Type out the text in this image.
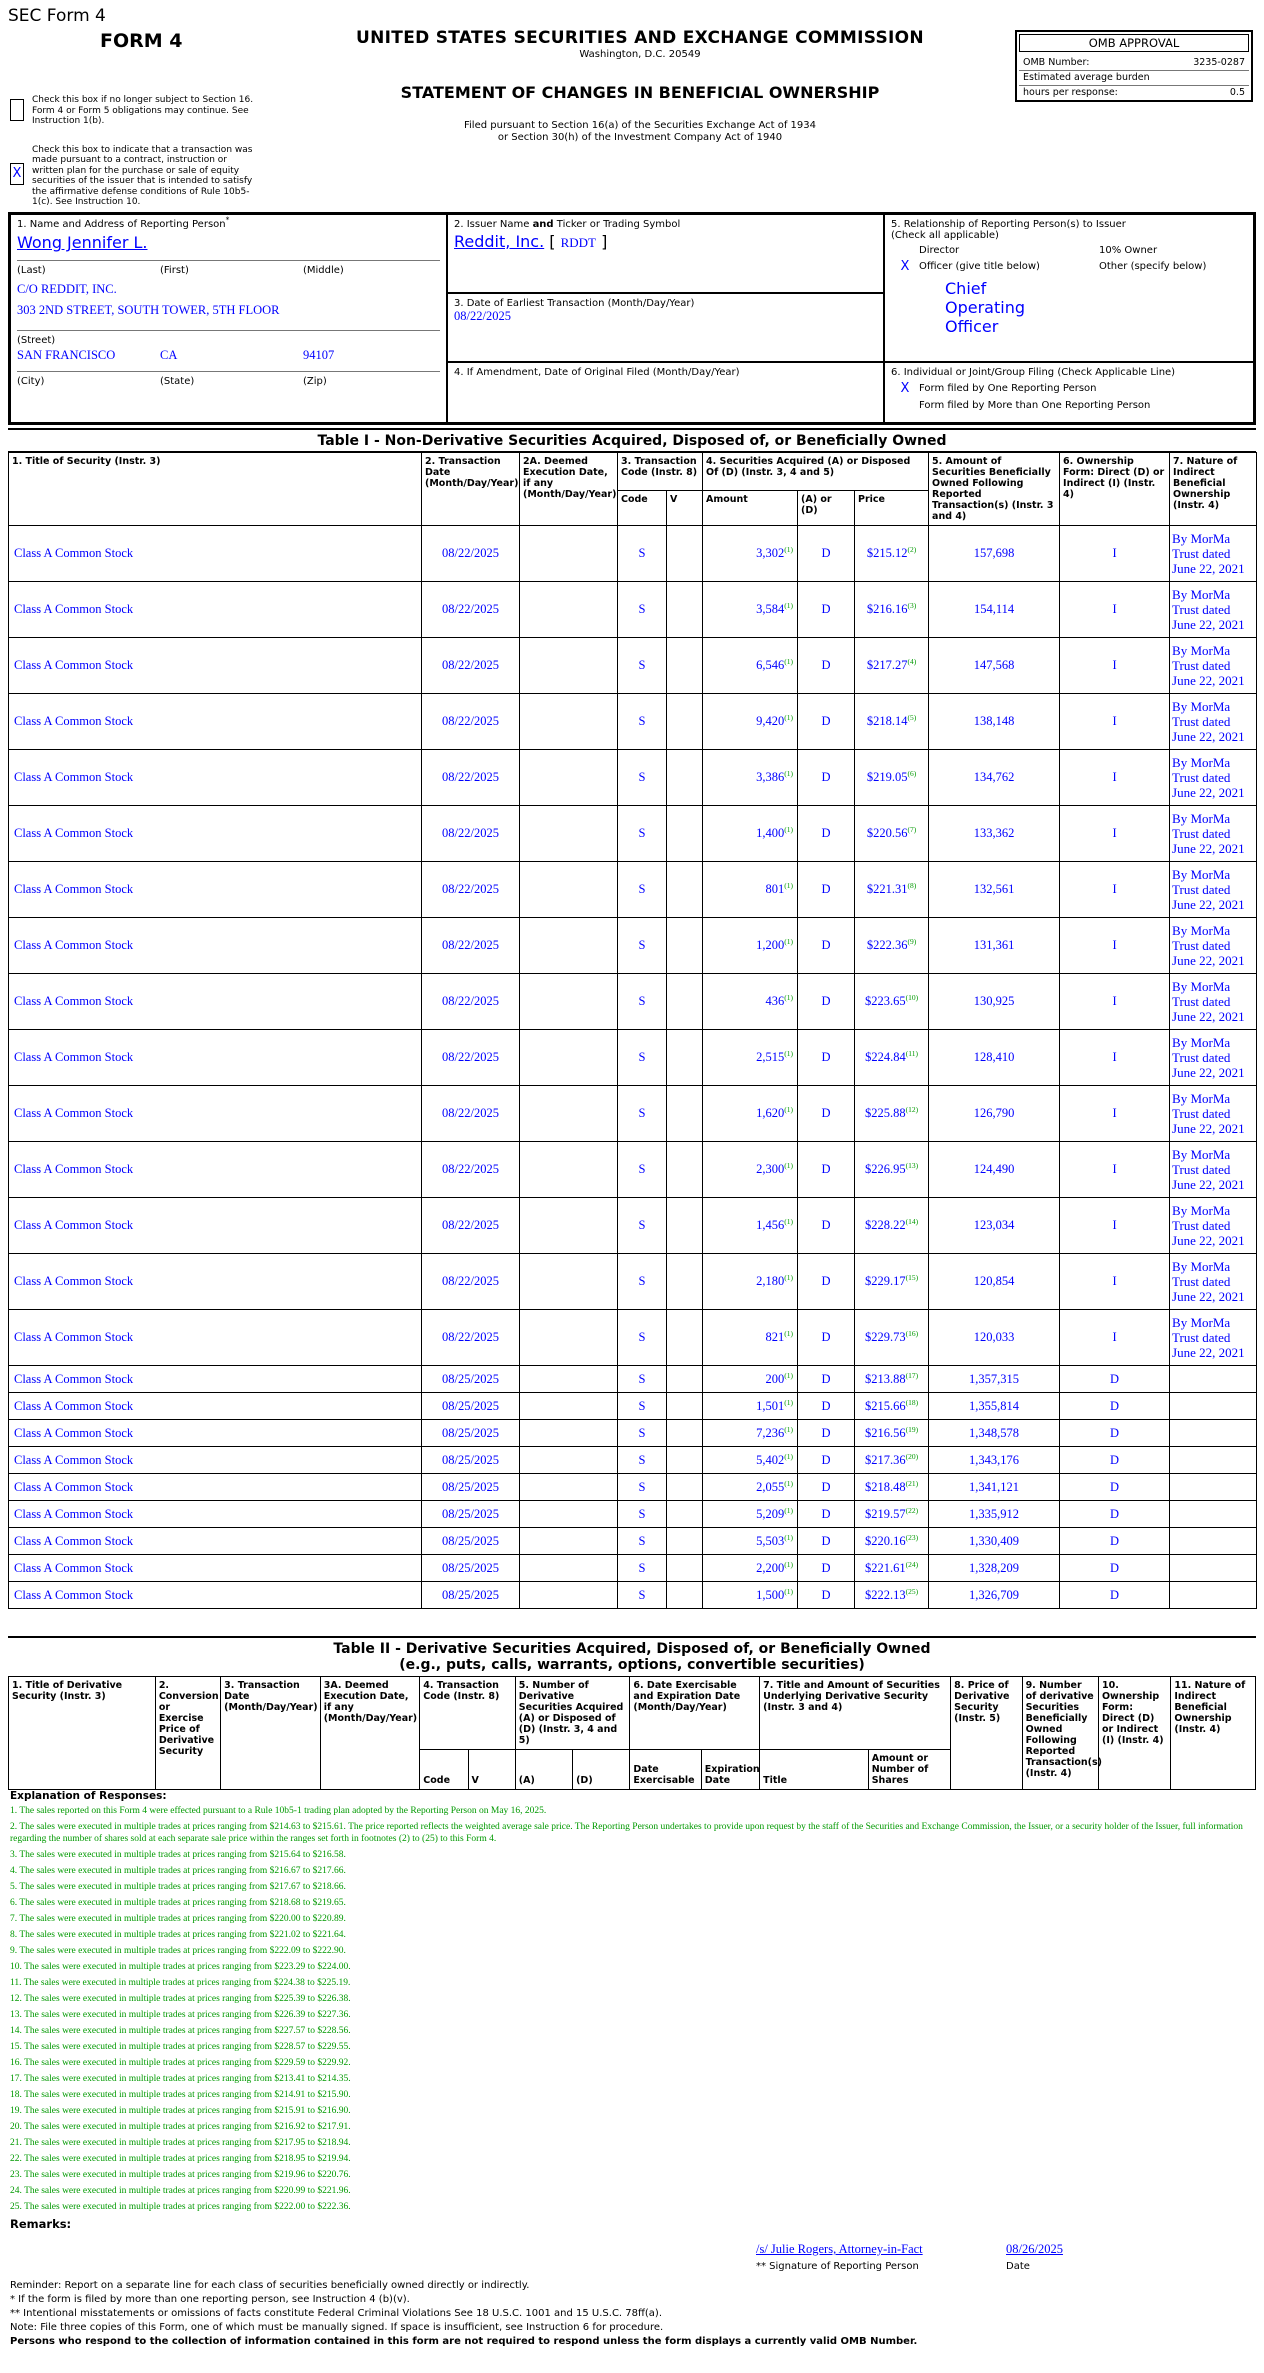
SEC Form 4
FORM 4
Check this box if no longer subject to Section 16. Form 4 or Form 5 obligations may continue. See Instruction 1(b).
X
Check this box to indicate that a transaction was made pursuant to a contract, instruction or written plan for the purchase or sale of equity securities of the issuer that is intended to satisfy the affirmative defense conditions of Rule 10b5-1(c). See Instruction 10.
UNITED STATES SECURITIES AND EXCHANGE COMMISSION
Washington, D.C. 20549
STATEMENT OF CHANGES IN BENEFICIAL OWNERSHIP
Filed pursuant to Section 16(a) of the Securities Exchange Act of 1934
or Section 30(h) of the Investment Company Act of 1940
OMB APPROVAL
OMB Number:	3235-0287
Estimated average burden
hours per response:	0.5
1. Name and Address of Reporting Person*
Wong Jennifer L.
(Last)	(First)	(Middle)
C/O REDDIT, INC.
303 2ND STREET, SOUTH TOWER, 5TH FLOOR
(Street)
SAN FRANCISCO	CA	94107
(City)	(State)	(Zip)
2. Issuer Name and Ticker or Trading Symbol
Reddit, Inc. [ RDDT ]
3. Date of Earliest Transaction (Month/Day/Year)
08/22/2025
4. If Amendment, Date of Original Filed (Month/Day/Year)
5. Relationship of Reporting Person(s) to Issuer
(Check all applicable)
Director	10% Owner
X Officer (give title below)	Other (specify below)
Chief
Operating
Officer
6. Individual or Joint/Group Filing (Check Applicable Line)
X Form filed by One Reporting Person
Form filed by More than One Reporting Person
Table I - Non-Derivative Securities Acquired, Disposed of, or Beneficially Owned
1. Title of Security (Instr. 3)	2. Transaction Date (Month/Day/Year)	2A. Deemed Execution Date, if any (Month/Day/Year)	3. Transaction Code (Instr. 8)		4. Securities Acquired (A) or Disposed Of (D) (Instr. 3, 4 and 5)			5. Amount of Securities Beneficially Owned Following Reported Transaction(s) (Instr. 3 and 4)	6. Ownership Form: Direct (D) or Indirect (I) (Instr. 4)	7. Nature of Indirect Beneficial Ownership (Instr. 4)
			Code	V	Amount	(A) or (D)	Price			
Class A Common Stock	08/22/2025		S		3,302$^{(1)}$	D	$215.12$^{(2)}$	157,698	I	By MorMa Trust dated June 22, 2021
Class A Common Stock	08/22/2025		S		3,584$^{(1)}$	D	$216.16$^{(3)}$	154,114	I	By MorMa Trust dated June 22, 2021
Class A Common Stock	08/22/2025		S		6,546$^{(1)}$	D	$217.27$^{(4)}$	147,568	I	By MorMa Trust dated June 22, 2021
Class A Common Stock	08/22/2025		S		9,420$^{(1)}$	D	$218.14$^{(5)}$	138,148	I	By MorMa Trust dated June 22, 2021
Class A Common Stock	08/22/2025		S		3,386$^{(1)}$	D	$219.05$^{(6)}$	134,762	I	By MorMa Trust dated June 22, 2021
Class A Common Stock	08/22/2025		S		1,400$^{(1)}$	D	$220.56$^{(7)}$	133,362	I	By MorMa Trust dated June 22, 2021
Class A Common Stock	08/22/2025		S		801$^{(1)}$	D	$221.31$^{(8)}$	132,561	I	By MorMa Trust dated June 22, 2021
Class A Common Stock	08/22/2025		S		1,200$^{(1)}$	D	$222.36$^{(9)}$	131,361	I	By MorMa Trust dated June 22, 2021
Class A Common Stock	08/22/2025		S		436$^{(1)}$	D	$223.65$^{(10)}$	130,925	I	By MorMa Trust dated June 22, 2021
Class A Common Stock	08/22/2025		S		2,515$^{(1)}$	D	$224.84$^{(11)}$	128,410	I	By MorMa Trust dated June 22, 2021
Class A Common Stock	08/22/2025		S		1,620$^{(1)}$	D	$225.88$^{(12)}$	126,790	I	By MorMa Trust dated June 22, 2021
Class A Common Stock	08/22/2025		S		2,300$^{(1)}$	D	$226.95$^{(13)}$	124,490	I	By MorMa Trust dated June 22, 2021
Class A Common Stock	08/22/2025		S		1,456$^{(1)}$	D	$228.22$^{(14)}$	123,034	I	By MorMa Trust dated June 22, 2021
Class A Common Stock	08/22/2025		S		2,180$^{(1)}$	D	$229.17$^{(15)}$	120,854	I	By MorMa Trust dated June 22, 2021
Class A Common Stock	08/22/2025		S		821$^{(1)}$	D	$229.73$^{(16)}$	120,033	I	By MorMa Trust dated June 22, 2021
Class A Common Stock	08/25/2025		S		200$^{(1)}$	D	$213.88$^{(17)}$	1,357,315	D	
Class A Common Stock	08/25/2025		S		1,501$^{(1)}$	D	$215.66$^{(18)}$	1,355,814	D	
Class A Common Stock	08/25/2025		S		7,236$^{(1)}$	D	$216.56$^{(19)}$	1,348,578	D	
Class A Common Stock	08/25/2025		S		5,402$^{(1)}$	D	$217.36$^{(20)}$	1,343,176	D	
Class A Common Stock	08/25/2025		S		2,055$^{(1)}$	D	$218.48$^{(21)}$	1,341,121	D	
Class A Common Stock	08/25/2025		S		5,209$^{(1)}$	D	$219.57$^{(22)}$	1,335,912	D	
Class A Common Stock	08/25/2025		S		5,503$^{(1)}$	D	$220.16$^{(23)}$	1,330,409	D	
Class A Common Stock	08/25/2025		S		2,200$^{(1)}$	D	$221.61$^{(24)}$	1,328,209	D	
Class A Common Stock	08/25/2025		S		1,500$^{(1)}$	D	$222.13$^{(25)}$	1,326,709	D	
Table II - Derivative Securities Acquired, Disposed of, or Beneficially Owned
(e.g., puts, calls, warrants, options, convertible securities)
1. Title of Derivative Security (Instr. 3)	2. Conversion or Exercise Price of Derivative Security	3. Transaction Date (Month/Day/Year)	3A. Deemed Execution Date, if any (Month/Day/Year)	4. Transaction Code (Instr. 8)		5. Number of Derivative Securities Acquired (A) or Disposed of (D) (Instr. 3, 4 and 5)		6. Date Exercisable and Expiration Date (Month/Day/Year)		7. Title and Amount of Securities Underlying Derivative Security (Instr. 3 and 4)		8. Price of Derivative Security (Instr. 5)	9. Number of derivative Securities Beneficially Owned Following Reported Transaction(s) (Instr. 4)	10. Ownership Form: Direct (D) or Indirect (I) (Instr. 4)	11. Nature of Indirect Beneficial Ownership (Instr. 4)
				Code	V	(A)	(D)	Date Exercisable	Expiration Date	Title	Amount or Number of Shares				
Explanation of Responses:
1. The sales reported on this Form 4 were effected pursuant to a Rule 10b5-1 trading plan adopted by the Reporting Person on May 16, 2025.
2. The sales were executed in multiple trades at prices ranging from $214.63 to $215.61. The price reported reflects the weighted average sale price. The Reporting Person undertakes to provide upon request by the staff of the Securities and Exchange Commission, the Issuer, or a security holder of the Issuer, full information regarding the number of shares sold at each separate sale price within the ranges set forth in footnotes (2) to (25) to this Form 4.
3. The sales were executed in multiple trades at prices ranging from $215.64 to $216.58.
4. The sales were executed in multiple trades at prices ranging from $216.67 to $217.66.
5. The sales were executed in multiple trades at prices ranging from $217.67 to $218.66.
6. The sales were executed in multiple trades at prices ranging from $218.68 to $219.65.
7. The sales were executed in multiple trades at prices ranging from $220.00 to $220.89.
8. The sales were executed in multiple trades at prices ranging from $221.02 to $221.64.
9. The sales were executed in multiple trades at prices ranging from $222.09 to $222.90.
10. The sales were executed in multiple trades at prices ranging from $223.29 to $224.00.
11. The sales were executed in multiple trades at prices ranging from $224.38 to $225.19.
12. The sales were executed in multiple trades at prices ranging from $225.39 to $226.38.
13. The sales were executed in multiple trades at prices ranging from $226.39 to $227.36.
14. The sales were executed in multiple trades at prices ranging from $227.57 to $228.56.
15. The sales were executed in multiple trades at prices ranging from $228.57 to $229.55.
16. The sales were executed in multiple trades at prices ranging from $229.59 to $229.92.
17. The sales were executed in multiple trades at prices ranging from $213.41 to $214.35.
18. The sales were executed in multiple trades at prices ranging from $214.91 to $215.90.
19. The sales were executed in multiple trades at prices ranging from $215.91 to $216.90.
20. The sales were executed in multiple trades at prices ranging from $216.92 to $217.91.
21. The sales were executed in multiple trades at prices ranging from $217.95 to $218.94.
22. The sales were executed in multiple trades at prices ranging from $218.95 to $219.94.
23. The sales were executed in multiple trades at prices ranging from $219.96 to $220.76.
24. The sales were executed in multiple trades at prices ranging from $220.99 to $221.96.
25. The sales were executed in multiple trades at prices ranging from $222.00 to $222.36.
Remarks:
/s/ Julie Rogers, Attorney-in-Fact	08/26/2025
** Signature of Reporting Person	Date
Reminder: Report on a separate line for each class of securities beneficially owned directly or indirectly.
* If the form is filed by more than one reporting person, see Instruction 4 (b)(v).
** Intentional misstatements or omissions of facts constitute Federal Criminal Violations See 18 U.S.C. 1001 and 15 U.S.C. 78ff(a).
Note: File three copies of this Form, one of which must be manually signed. If space is insufficient, see Instruction 6 for procedure.
Persons who respond to the collection of information contained in this form are not required to respond unless the form displays a currently valid OMB Number.
